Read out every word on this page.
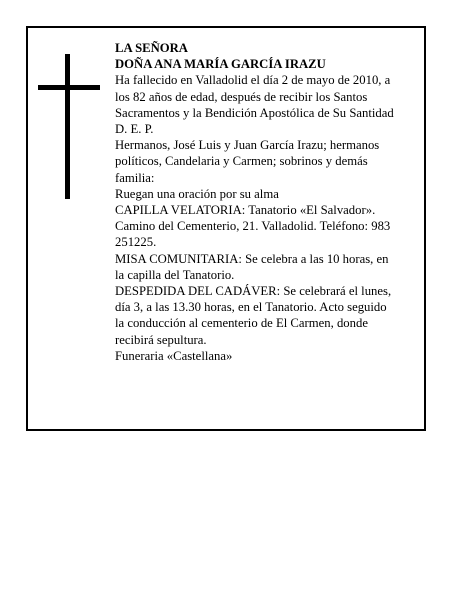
LA SEÑORA
DOÑA ANA MARÍA GARCÍA IRAZU
Ha fallecido en Valladolid el día 2 de mayo de 2010, a
los 82 años de edad, después de recibir los Santos
Sacramentos y la Bendición Apostólica de Su Santidad
D. E. P.
Hermanos, José Luis y Juan García Irazu; hermanos
políticos, Candelaria y Carmen; sobrinos y demás
familia:
Ruegan una oración por su alma
CAPILLA VELATORIA: Tanatorio «El Salvador».
Camino del Cementerio, 21. Valladolid. Teléfono: 983
251225.
MISA COMUNITARIA: Se celebra a las 10 horas, en
la capilla del Tanatorio.
DESPEDIDA DEL CADÁVER: Se celebrará el lunes,
día 3, a las 13.30 horas, en el Tanatorio. Acto seguido
la conducción al cementerio de El Carmen, donde
recibirá sepultura.
Funeraria «Castellana»
